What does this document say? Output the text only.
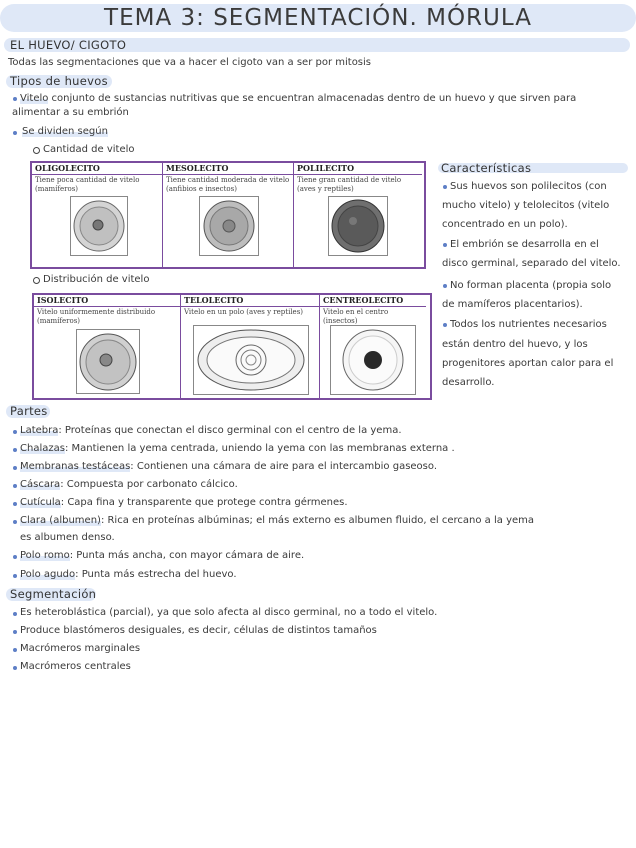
TEMA 3: SEGMENTACIÓN. MÓRULA
EL HUEVO/ CIGOTO
Todas las segmentaciones que va a hacer el cigoto van a ser por mitosis
Tipos de huevos
Vitelo conjunto de sustancias nutritivas que se encuentran almacenadas dentro de un huevo y que sirven para
alimentar a su embrión
Se dividen según
Cantidad de vitelo
OLIGOLECITO
Tiene poca cantidad de vitelo (mamíferos)
MESOLECITO
Tiene cantidad moderada de vitelo (anfibios e insectos)
POLILECITO
Tiene gran cantidad de vitelo (aves y reptiles)
Distribución de vitelo
ISOLECITO
Vitelo uniformemente distribuido (mamíferos)
TELOLECITO
Vitelo en un polo (aves y reptiles)
CENTREOLECITO
Vitelo en el centro (insectos)
Características
Sus huevos son polilecitos (con
mucho vitelo) y telolecitos (vitelo
concentrado en un polo).
El embrión se desarrolla en el
disco germinal, separado del vitelo.
No forman placenta (propia solo
de mamíferos placentarios).
Todos los nutrientes necesarios
están dentro del huevo, y los
progenitores aportan calor para el
desarrollo.
Partes
Latebra: Proteínas que conectan el disco germinal con el centro de la yema.
Chalazas: Mantienen la yema centrada, uniendo la yema con las membranas externa .
Membranas testáceas: Contienen una cámara de aire para el intercambio gaseoso.
Cáscara: Compuesta por carbonato cálcico.
Cutícula: Capa fina y transparente que protege contra gérmenes.
Clara (albumen): Rica en proteínas albúminas; el más externo es albumen fluido, el cercano a la yema
es albumen denso.
Polo romo: Punta más ancha, con mayor cámara de aire.
Polo agudo: Punta más estrecha del huevo.
Segmentación
Es heteroblástica (parcial), ya que solo afecta al disco germinal, no a todo el vitelo.
Produce blastómeros desiguales, es decir, células de distintos tamaños
Macrómeros marginales
Macrómeros centrales
